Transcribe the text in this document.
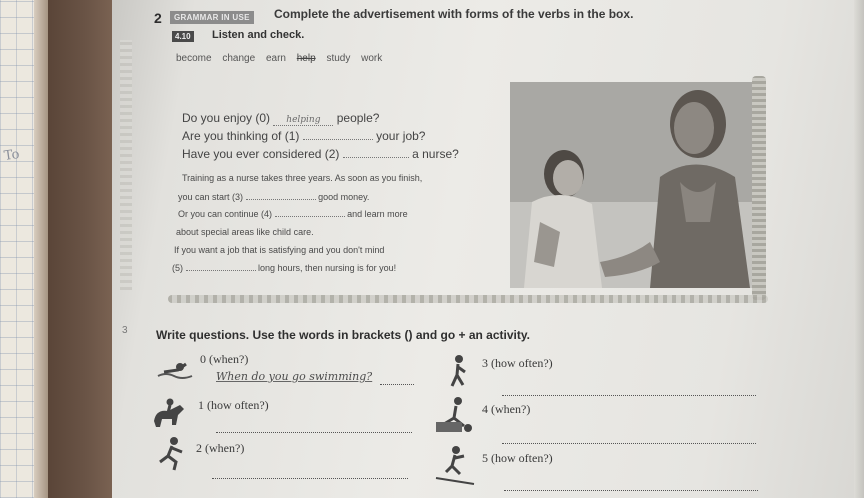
To
2	GRAMMAR IN USE	Complete the advertisement with forms of the verbs in the box.
4.10 Listen and check.
become change earn help study work
Do you enjoy (0) helping people?
Are you thinking of (1)	your job?
Have you ever considered (2)	a nurse?
Training as a nurse takes three years. As soon as you finish,
you can start (3)	good money.
Or you can continue (4)	and learn more
about special areas like child care.
If you want a job that is satisfying and you don't mind
(5)	long hours, then nursing is for you!
3 Write questions. Use the words in brackets () and go + an activity.
0 (when?)
When do you go swimming?
1 (how often?)
2 (when?)
3 (how often?)
4 (when?)
5 (how often?)
